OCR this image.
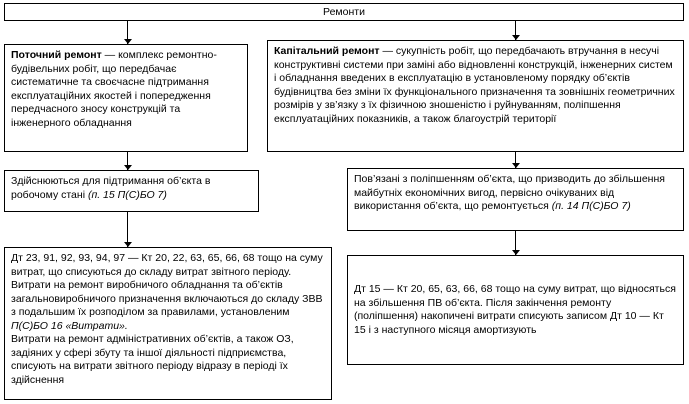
Ремонти
Поточний ремонт — комплекс ремонтно-будівельних робіт, що передбачає систематичне та своєчасне підтримання експлуатаційних якостей і попередження передчасного зносу конструкцій та інженерного обладнання
Капітальний ремонт — сукупність робіт, що передбачають втручання в несучі конструктивні системи при заміні або відновленні конструкцій, інженерних систем і обладнання введених в експлуатацію в установленому порядку об’єктів будівництва без зміни їх функціонального призначення та зовнішніх геометричних розмірів у зв’язку з їх фізичною зношеністю і руйнуванням, поліпшення експлуатаційних показників, а також благоустрій території
Здійснюються для підтримання об’єкта в робочому стані (п. 15 П(С)БО 7)
Пов’язані з поліпшенням об’єкта, що призводить до збільшення майбутніх економічних вигод, первісно очікуваних від використання об’єкта, що ремонтується (п. 14 П(С)БО 7)
Дт 23, 91, 92, 93, 94, 97 — Кт 20, 22, 63, 65, 66, 68 тощо на суму витрат, що списуються до складу витрат звітного періоду.
Витрати на ремонт виробничого обладнання та об’єктів загальновиробничого призначення включаються до складу ЗВВ з подальшим їх розподілом за правилами, установленим П(С)БО 16 «Витрати».
Витрати на ремонт адміністративних об’єктів, а також ОЗ, задіяних у сфері збуту та іншої діяльності підприємства, списують на витрати звітного періоду відразу в періоді їх здійснення
Дт 15 — Кт 20, 65, 63, 66, 68 тощо на суму витрат, що відносяться на збільшення ПВ об’єкта. Після закінчення ремонту (поліпшення) накопичені витрати списують записом Дт 10 — Кт 15 і з наступного місяця амортизують
